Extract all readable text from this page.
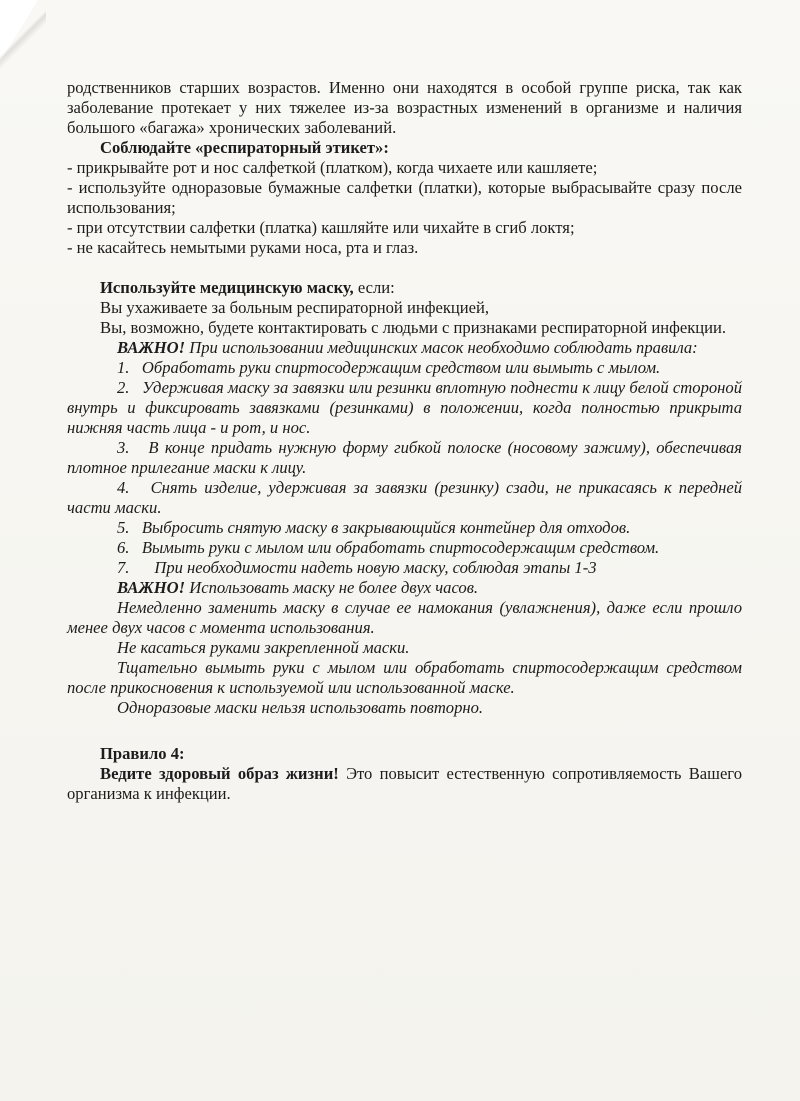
родственников старших возрастов. Именно они находятся в особой группе риска, так как заболевание протекает у них тяжелее из-за возрастных изменений в организме и наличия большого «багажа» хронических заболеваний.

Соблюдайте «респираторный этикет»:

- прикрывайте рот и нос салфеткой (платком), когда чихаете или кашляете;

- используйте одноразовые бумажные салфетки (платки), которые выбрасывайте сразу после использования;

- при отсутствии салфетки (платка) кашляйте или чихайте в сгиб локтя;

- не касайтесь немытыми руками носа, рта и глаз.

Используйте медицинскую маску, если:

Вы ухаживаете за больным респираторной инфекцией,

Вы, возможно, будете контактировать с людьми с признаками респираторной инфекции.

ВАЖНО! При использовании медицинских масок необходимо соблюдать правила:

1.   Обработать руки спиртосодержащим средством или вымыть с мылом.

2.   Удерживая маску за завязки или резинки вплотную поднести к лицу белой стороной внутрь и фиксировать завязками (резинками) в положении, когда полностью прикрыта нижняя часть лица - и рот, и нос.

3.   В конце придать нужную форму гибкой полоске (носовому зажиму), обеспечивая плотное прилегание маски к лицу.

4.   Снять изделие, удерживая за завязки (резинку) сзади, не прикасаясь к передней части маски.

5.   Выбросить снятую маску в закрывающийся контейнер для отходов.

6.   Вымыть руки с мылом или обработать спиртосодержащим средством.

7.      При необходимости надеть новую маску, соблюдая этапы 1-3

ВАЖНО! Использовать маску не более двух часов.

Немедленно заменить маску в случае ее намокания (увлажнения), даже если прошло менее двух часов с момента использования.

Не касаться руками закрепленной маски.

Тщательно вымыть руки с мылом или обработать спиртосодержащим средством после прикосновения к используемой или использованной маске.

Одноразовые маски нельзя использовать повторно.

Правило 4:

Ведите здоровый образ жизни! Это повысит естественную сопротивляемость Вашего организма к инфекции.
